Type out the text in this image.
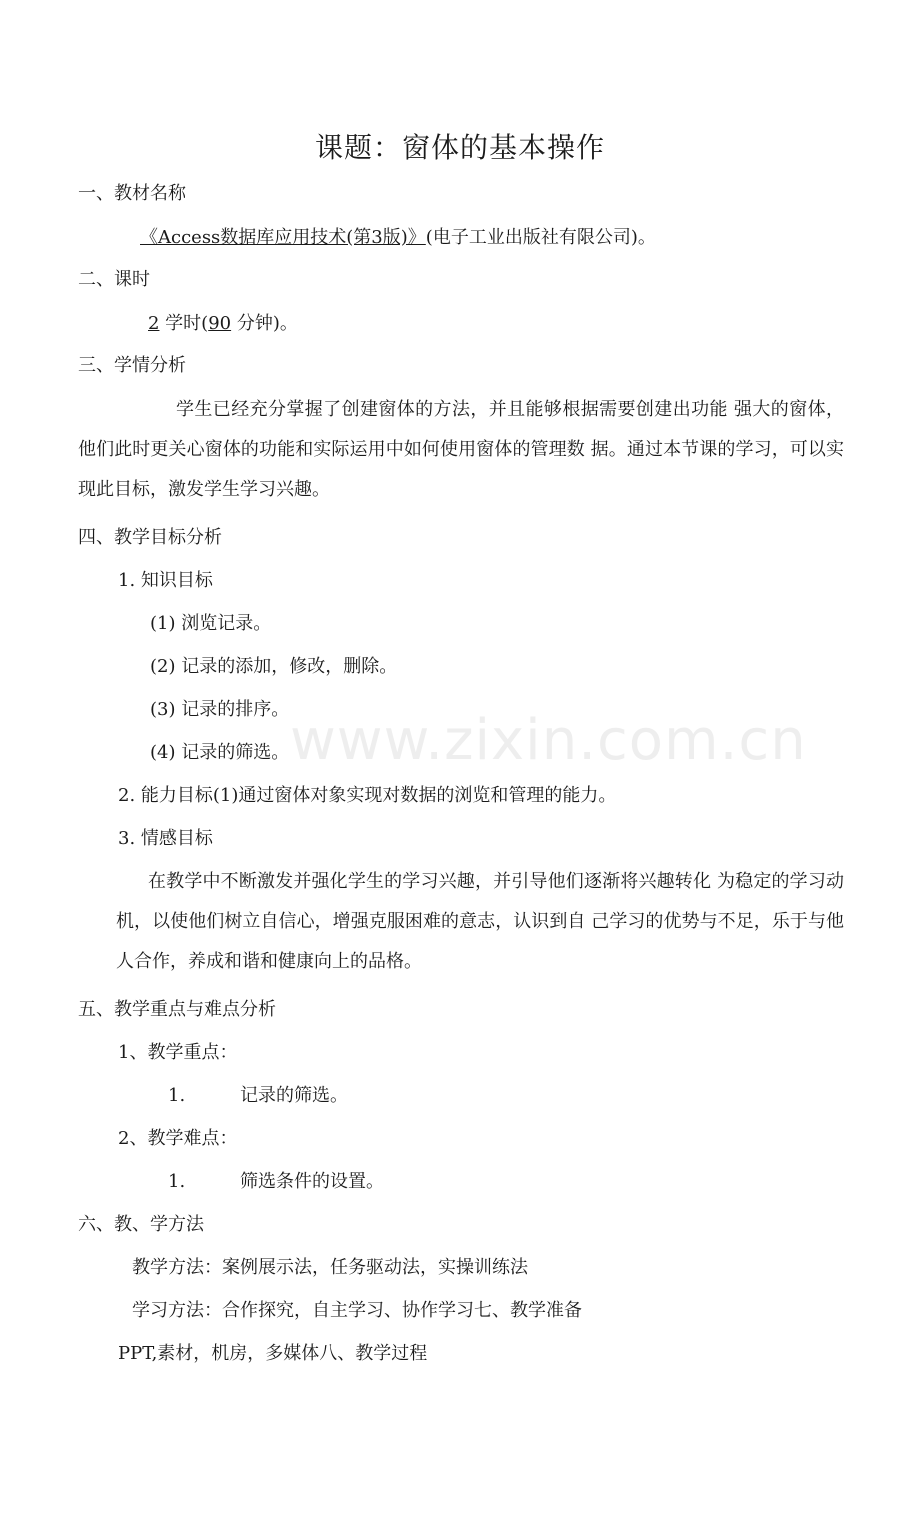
课题：窗体的基本操作
一、教材名称
《Access数据库应用技术(第3版)》(电子工业出版社有限公司)。
二、课时
2 学时(90 分钟)。
三、学情分析
学生已经充分掌握了创建窗体的方法，并且能够根据需要创建出功能 强大的窗体，他们此时更关心窗体的功能和实际运用中如何使用窗体的管理数 据。通过本节课的学习，可以实现此目标，激发学生学习兴趣。
四、教学目标分析
1. 知识目标
(1) 浏览记录。
(2) 记录的添加，修改，删除。
(3) 记录的排序。
(4) 记录的筛选。
2. 能力目标(1)通过窗体对象实现对数据的浏览和管理的能力。
3. 情感目标
在教学中不断激发并强化学生的学习兴趣，并引导他们逐渐将兴趣转化 为稳定的学习动机，以使他们树立自信心，增强克服困难的意志，认识到自 己学习的优势与不足，乐于与他人合作，养成和谐和健康向上的品格。
五、教学重点与难点分析
1、教学重点：
1.	记录的筛选。
2、教学难点：
1.	筛选条件的设置。
六、教、学方法
教学方法：案例展示法，任务驱动法，实操训练法
学习方法：合作探究，自主学习、协作学习七、教学准备
PPT,素材，机房，多媒体八、教学过程
www.zixin.com.cn
